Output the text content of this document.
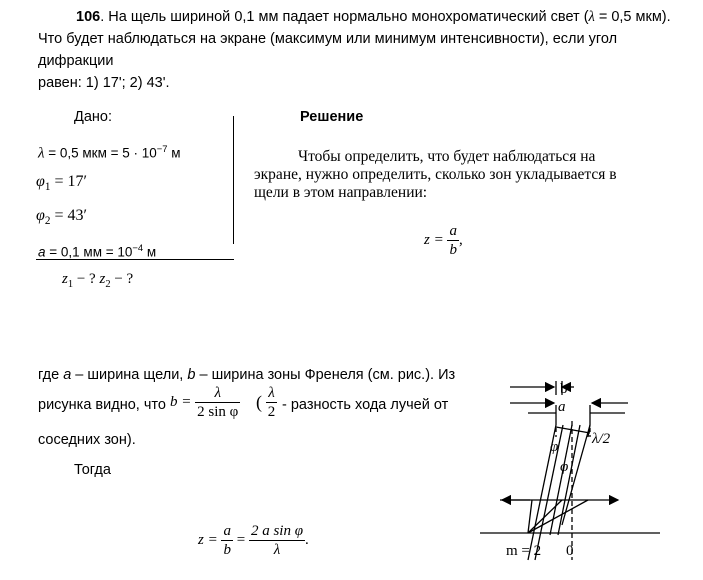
106. На щель шириной 0,1 мм падает нормально монохроматический свет (λ = 0,5 мкм).
Что будет наблюдаться на экране (максимум или минимум интенсивности), если угол дифракции
равен: 1) 17'; 2) 43'.
Дано:
λ = 0,5 мкм = $5 \cdot 10^{-7}$ м
$\varphi_1 = 17'$
$\varphi_2 = 43'$
a = 0,1 мм = $10^{-4}$ м
$z_1$ − ? $z_2$ − ?
Решение
Чтобы определить, что будет наблюдаться на
экране, нужно определить, сколько зон укладывается в
щели в этом направлении:
$z = \frac{a}{b}$ ,
где a – ширина щели, b – ширина зоны Френеля (см. рис.). Из
рисунка видно, что $b = \frac{\lambda}{\text{2 sin φ}}$ ( $\frac{\lambda}{2}$ - разность хода лучей от
соседних зон).
Тогда
$z = \frac{a}{b} = \frac{\text{2 a sin φ}}{\lambda}$ .
b
a
λ/2
φ
φ
m = 2 0
